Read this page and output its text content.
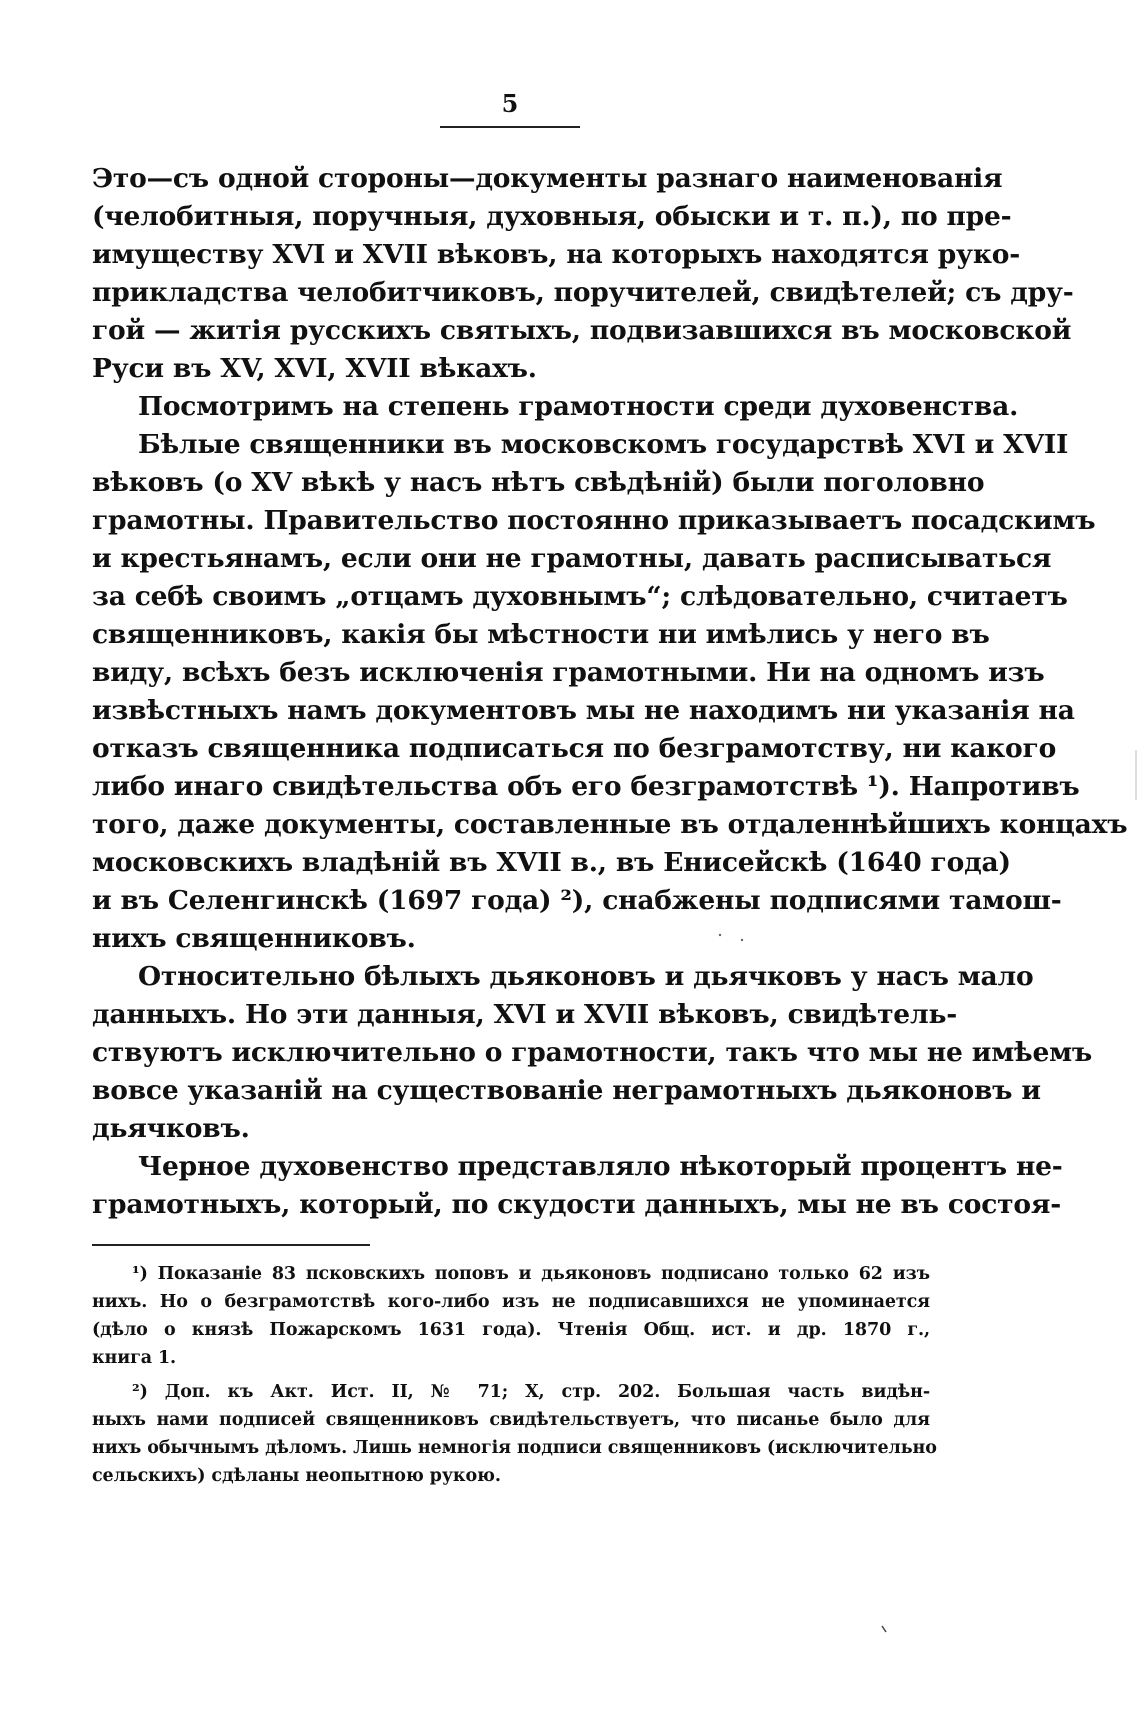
5

Это—съ одной стороны—документы разнаго наименованія
(челобитныя, поручныя, духовныя, обыски и т. п.), по пре-
имуществу XVI и XVII вѣковъ, на которыхъ находятся руко-
прикладства челобитчиковъ, поручителей, свидѣтелей; съ дру-
гой — житія русскихъ святыхъ, подвизавшихся въ московской
Руси въ XV, XVI, XVII вѣкахъ.

Посмотримъ на степень грамотности среди духовенства.

Бѣлые священники въ московскомъ государствѣ XVI и XVII
вѣковъ (о XV вѣкѣ у насъ нѣтъ свѣдѣній) были поголовно
грамотны. Правительство постоянно приказываетъ посадскимъ
и крестьянамъ, если они не грамотны, давать расписываться
за себѣ своимъ „отцамъ духовнымъ“; слѣдовательно, считаетъ
священниковъ, какія бы мѣстности ни имѣлись у него въ
виду, всѣхъ безъ исключенія грамотными. Ни на одномъ изъ
извѣстныхъ намъ документовъ мы не находимъ ни указанія на
отказъ священника подписаться по безграмотству, ни какого
либо инаго свидѣтельства объ его безграмотствѣ ¹). Напротивъ
того, даже документы, составленные въ отдаленнѣйшихъ концахъ
московскихъ владѣній въ XVII в., въ Енисейскѣ (1640 года)
и въ Селенгинскѣ (1697 года) ²), снабжены подписями тамош-
нихъ священниковъ.

Относительно бѣлыхъ дьяконовъ и дьячковъ у насъ мало
данныхъ. Но эти данныя, XVI и XVII вѣковъ, свидѣтель-
ствуютъ исключительно о грамотности, такъ что мы не имѣемъ
вовсе указаній на существованіе неграмотныхъ дьяконовъ и
дьячковъ.

Черное духовенство представляло нѣкоторый процентъ не-
грамотныхъ, который, по скудости данныхъ, мы не въ состоя-

¹) Показаніе 83 псковскихъ поповъ и дьяконовъ подписано только 62 изъ
нихъ. Но о безграмотствѣ кого-либо изъ не подписавшихся не упоминается
(дѣло о князѣ Пожарскомъ 1631 года). Чтенія Общ. ист. и др. 1870 г.,
книга 1.

²) Доп. къ Акт. Ист. II, № 71; X, стр. 202. Большая часть видѣн-
ныхъ нами подписей священниковъ свидѣтельствуетъ, что писанье было для
нихъ обычнымъ дѣломъ. Лишь немногія подписи священниковъ (исключительно
сельскихъ) сдѣланы неопытною рукою.
